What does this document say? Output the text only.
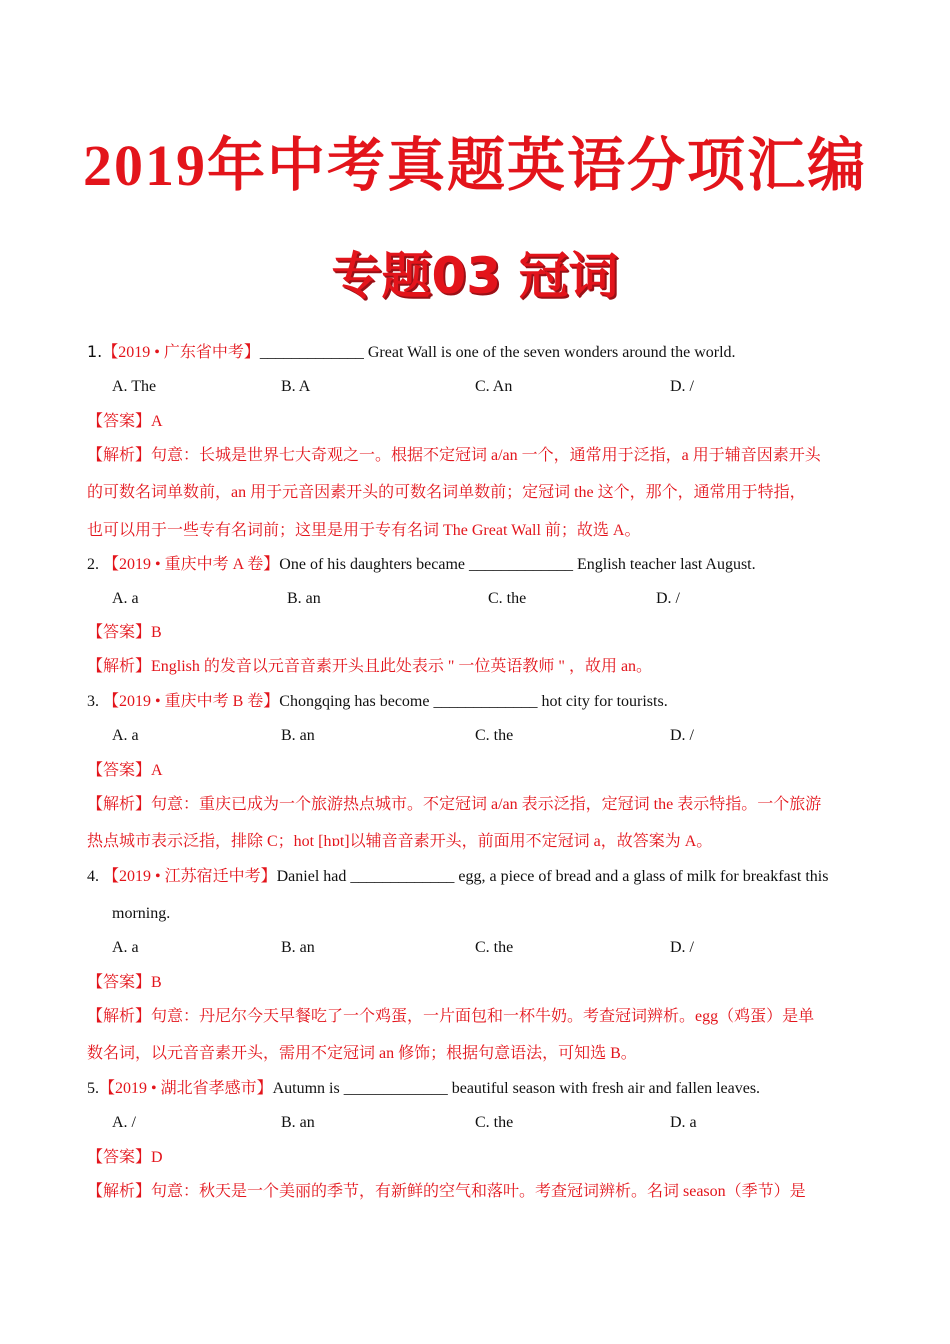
2019年中考真题英语分项汇编
专题03 冠词
1.【2019 • 广东省中考】_____________ Great Wall is one of the seven wonders around the world.
A. The	B. A	C. An	D. /
【答案】A
【解析】句意：长城是世界七大奇观之一。根据不定冠词 a/an 一个，通常用于泛指，a 用于辅音因素开头
的可数名词单数前，an 用于元音因素开头的可数名词单数前；定冠词 the 这个，那个，通常用于特指，
也可以用于一些专有名词前；这里是用于专有名词 The Great Wall 前；故选 A。
2. 【2019 • 重庆中考 A 卷】One of his daughters became _____________ English teacher last August.
A. a	B. an	C. the	D. /
【答案】B
【解析】English 的发音以元音音素开头且此处表示 " 一位英语教师 " ，故用 an。
3. 【2019 • 重庆中考 B 卷】Chongqing has become _____________ hot city for tourists.
A. a	B. an	C. the	D. /
【答案】A
【解析】句意：重庆已成为一个旅游热点城市。不定冠词 a/an 表示泛指，定冠词 the 表示特指。一个旅游
热点城市表示泛指，排除 C；hot [hɒt]以辅音音素开头，前面用不定冠词 a，故答案为 A。
4. 【2019 • 江苏宿迁中考】Daniel had _____________ egg, a piece of bread and a glass of milk for breakfast this
morning.
A. a	B. an	C. the	D. /
【答案】B
【解析】句意：丹尼尔今天早餐吃了一个鸡蛋，一片面包和一杯牛奶。考查冠词辨析。egg（鸡蛋）是单
数名词，以元音音素开头，需用不定冠词 an 修饰；根据句意语法，可知选 B。
5.【2019 • 湖北省孝感市】Autumn is _____________ beautiful season with fresh air and fallen leaves.
A. /	B. an	C. the	D. a
【答案】D
【解析】句意：秋天是一个美丽的季节，有新鲜的空气和落叶。考查冠词辨析。名词 season（季节）是
